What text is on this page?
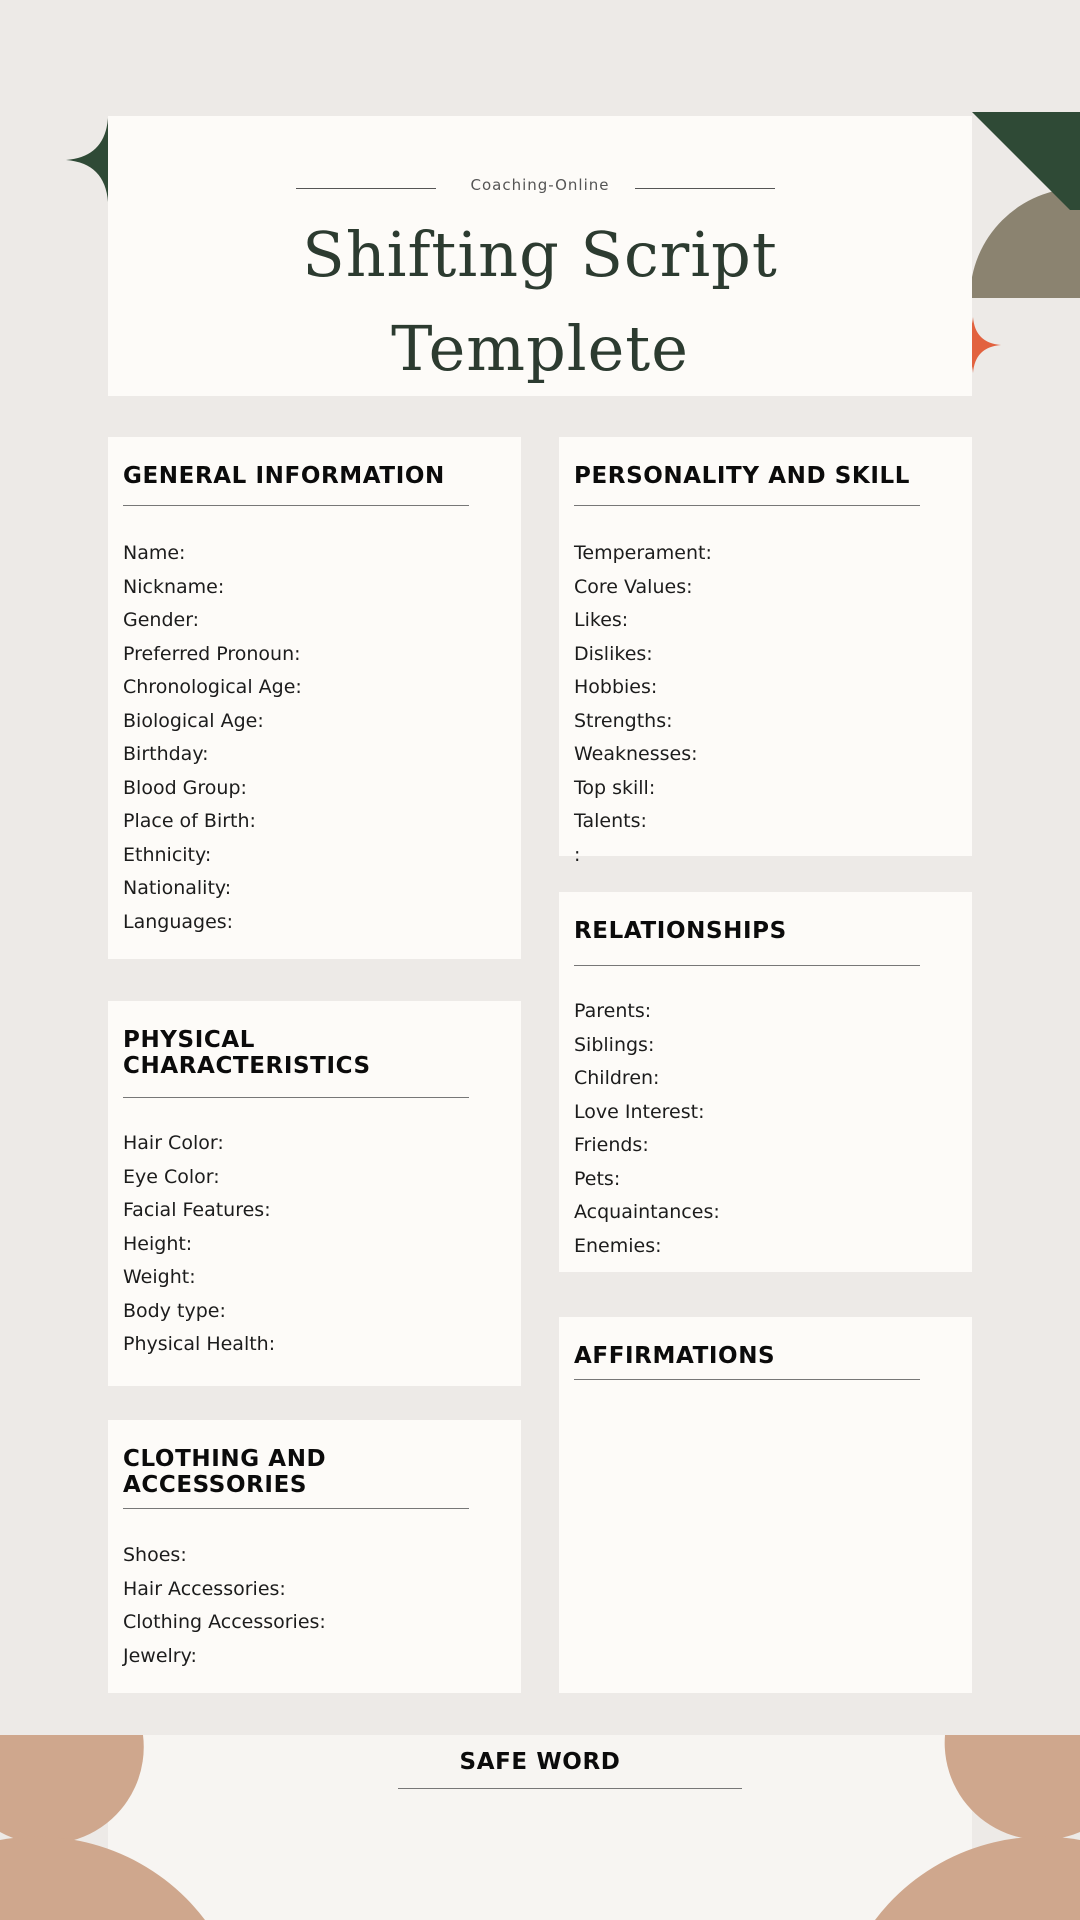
Coaching-Online
Shifting Script
Templete
GENERAL INFORMATION
Name:
Nickname:
Gender:
Preferred Pronoun:
Chronological Age:
Biological Age:
Birthday:
Blood Group:
Place of Birth:
Ethnicity:
Nationality:
Languages:
PERSONALITY AND SKILL
Temperament:
Core Values:
Likes:
Dislikes:
Hobbies:
Strengths:
Weaknesses:
Top skill:
Talents:
:
RELATIONSHIPS
Parents:
Siblings:
Children:
Love Interest:
Friends:
Pets:
Acquaintances:
Enemies:
PHYSICAL
CHARACTERISTICS
Hair Color:
Eye Color:
Facial Features:
Height:
Weight:
Body type:
Physical Health:	AFFIRMATIONS
CLOTHING AND
ACCESSORIES
Shoes:
Hair Accessories:
Clothing Accessories:
Jewelry:
SAFE WORD
